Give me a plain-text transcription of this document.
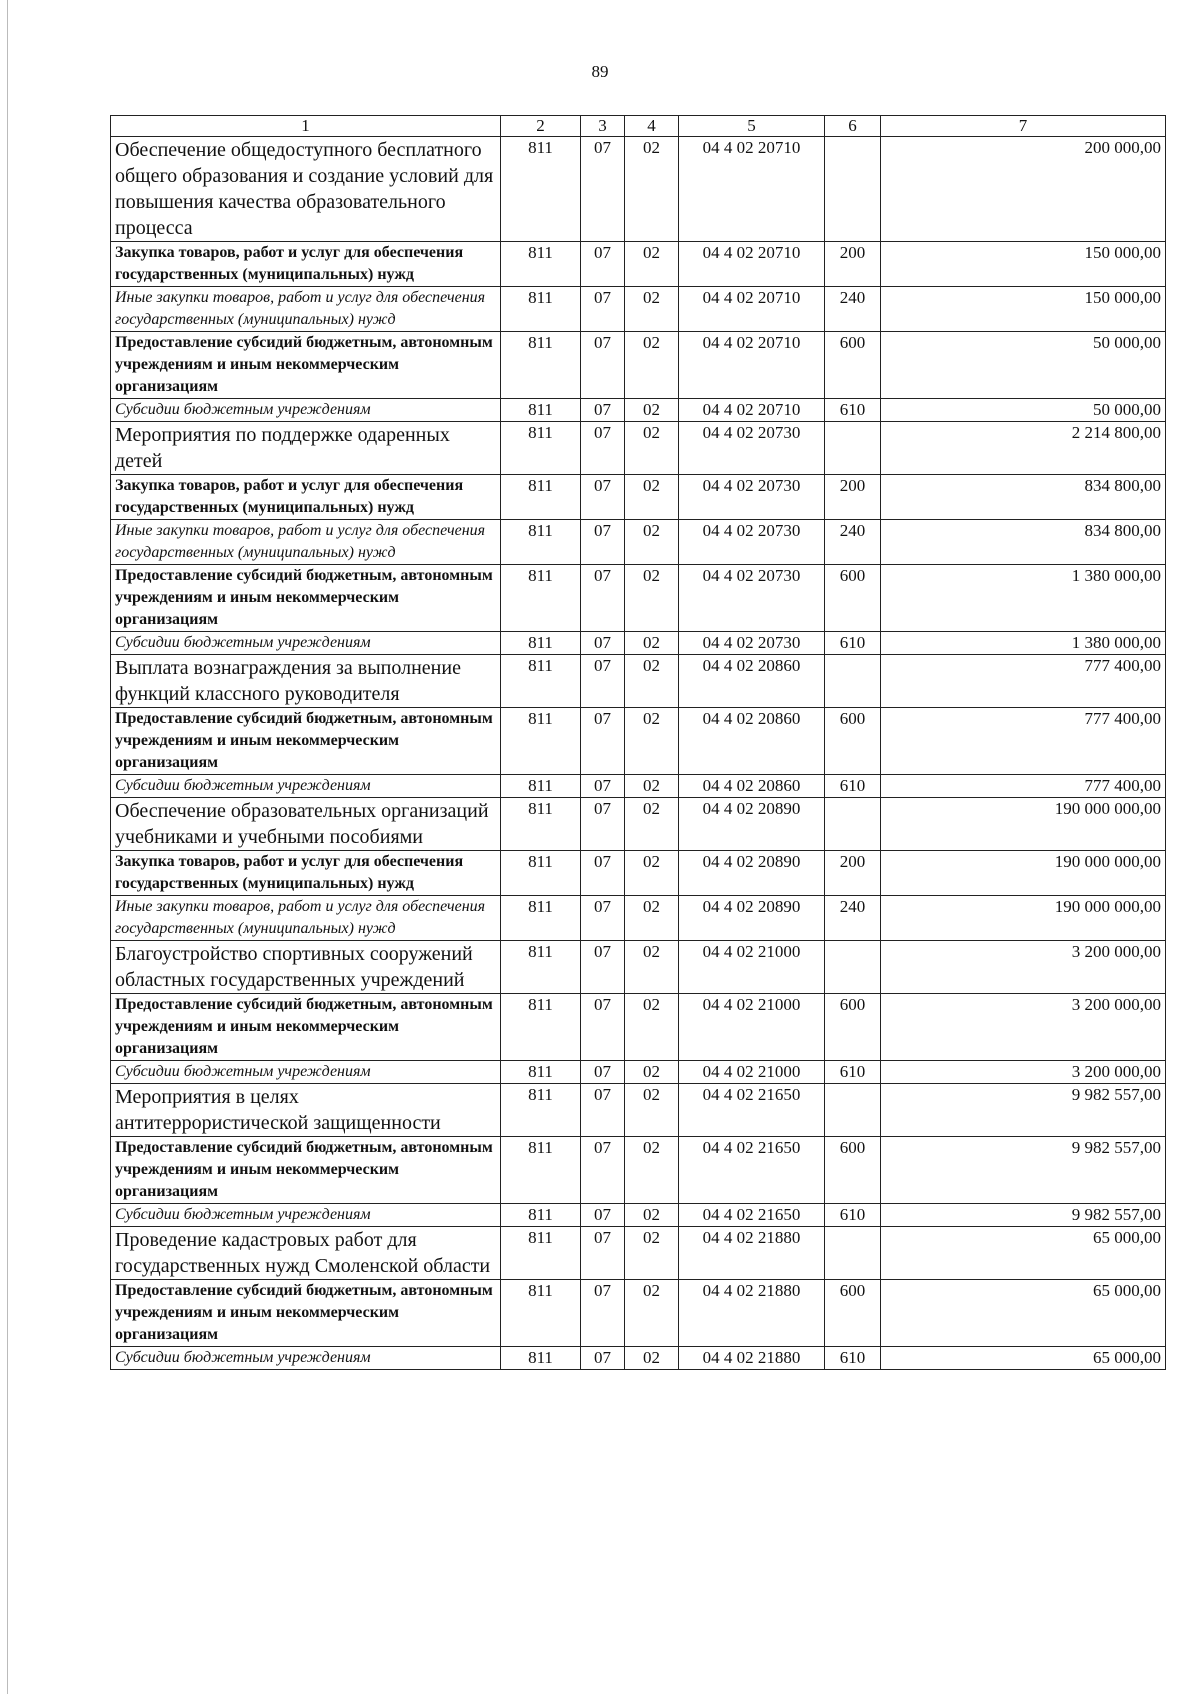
89
1	2	3	4	5	6	7
Обеспечение общедоступного бесплатного общего образования и создание условий для повышения качества образовательного процесса	811	07	02	04 4 02 20710		200 000,00
Закупка товаров, работ и услуг для обеспечения государственных (муниципальных) нужд	811	07	02	04 4 02 20710	200	150 000,00
Иные закупки товаров, работ и услуг для обеспечения государственных (муниципальных) нужд	811	07	02	04 4 02 20710	240	150 000,00
Предоставление субсидий бюджетным, автономным учреждениям и иным некоммерческим организациям	811	07	02	04 4 02 20710	600	50 000,00
Субсидии бюджетным учреждениям	811	07	02	04 4 02 20710	610	50 000,00
Мероприятия по поддержке одаренных детей	811	07	02	04 4 02 20730		2 214 800,00
Закупка товаров, работ и услуг для обеспечения государственных (муниципальных) нужд	811	07	02	04 4 02 20730	200	834 800,00
Иные закупки товаров, работ и услуг для обеспечения государственных (муниципальных) нужд	811	07	02	04 4 02 20730	240	834 800,00
Предоставление субсидий бюджетным, автономным учреждениям и иным некоммерческим организациям	811	07	02	04 4 02 20730	600	1 380 000,00
Субсидии бюджетным учреждениям	811	07	02	04 4 02 20730	610	1 380 000,00
Выплата вознаграждения за выполнение функций классного руководителя	811	07	02	04 4 02 20860		777 400,00
Предоставление субсидий бюджетным, автономным учреждениям и иным некоммерческим организациям	811	07	02	04 4 02 20860	600	777 400,00
Субсидии бюджетным учреждениям	811	07	02	04 4 02 20860	610	777 400,00
Обеспечение образовательных организаций учебниками и учебными пособиями	811	07	02	04 4 02 20890		190 000 000,00
Закупка товаров, работ и услуг для обеспечения государственных (муниципальных) нужд	811	07	02	04 4 02 20890	200	190 000 000,00
Иные закупки товаров, работ и услуг для обеспечения государственных (муниципальных) нужд	811	07	02	04 4 02 20890	240	190 000 000,00
Благоустройство спортивных сооружений областных государственных учреждений	811	07	02	04 4 02 21000		3 200 000,00
Предоставление субсидий бюджетным, автономным учреждениям и иным некоммерческим организациям	811	07	02	04 4 02 21000	600	3 200 000,00
Субсидии бюджетным учреждениям	811	07	02	04 4 02 21000	610	3 200 000,00
Мероприятия в целях антитеррористической защищенности	811	07	02	04 4 02 21650		9 982 557,00
Предоставление субсидий бюджетным, автономным учреждениям и иным некоммерческим организациям	811	07	02	04 4 02 21650	600	9 982 557,00
Субсидии бюджетным учреждениям	811	07	02	04 4 02 21650	610	9 982 557,00
Проведение кадастровых работ для государственных нужд Смоленской области	811	07	02	04 4 02 21880		65 000,00
Предоставление субсидий бюджетным, автономным учреждениям и иным некоммерческим организациям	811	07	02	04 4 02 21880	600	65 000,00
Субсидии бюджетным учреждениям	811	07	02	04 4 02 21880	610	65 000,00
